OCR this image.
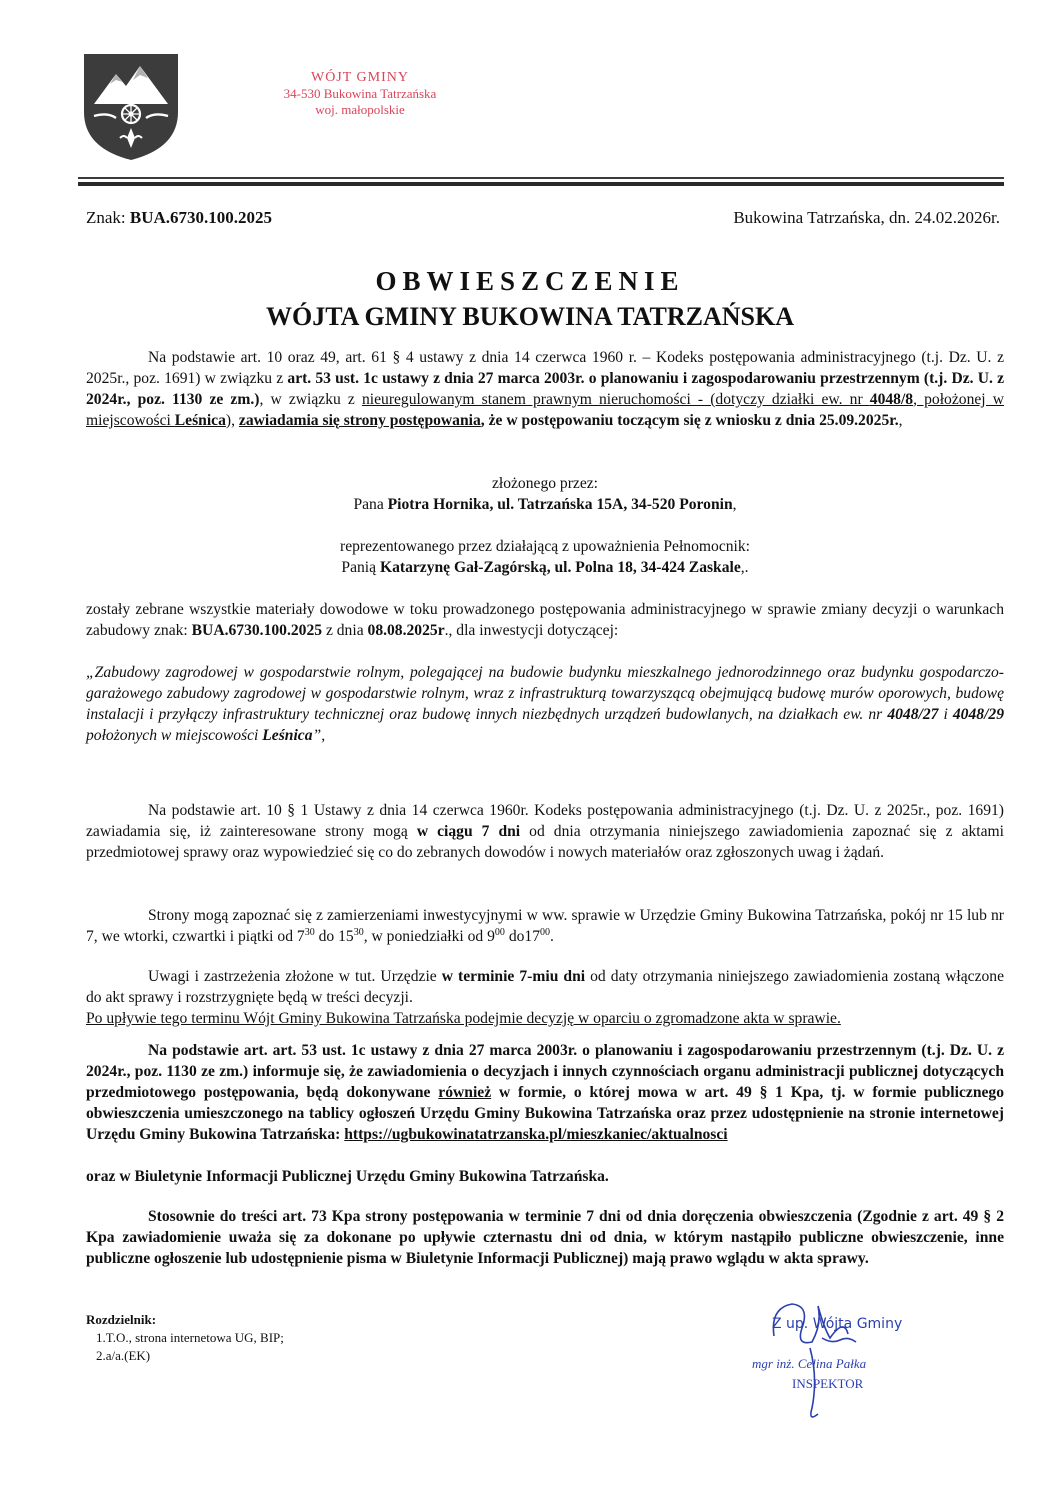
WÓJT GMINY
34-530 Bukowina Tatrzańska
woj. małopolskie
Znak: BUA.6730.100.2025	Bukowina Tatrzańska, dn. 24.02.2026r.
OBWIESZCZENIE
WÓJTA GMINY BUKOWINA TATRZAŃSKA

Na podstawie art. 10 oraz 49, art. 61 § 4 ustawy z dnia 14 czerwca 1960 r. – Kodeks postępowania administracyjnego (t.j. Dz. U. z 2025r., poz. 1691) w związku z art. 53 ust. 1c ustawy z dnia 27 marca 2003r. o planowaniu i zagospodarowaniu przestrzennym (t.j. Dz. U. z 2024r., poz. 1130 ze zm.), w związku z nieuregulowanym stanem prawnym nieruchomości - (dotyczy działki ew. nr 4048/8, położonej w miejscowości Leśnica), zawiadamia się strony postępowania, że w postępowaniu toczącym się z wniosku z dnia 25.09.2025r.,

złożonego przez:

Pana Piotra Hornika, ul. Tatrzańska 15A, 34-520 Poronin,

reprezentowanego przez działającą z upoważnienia Pełnomocnik:

Panią Katarzynę Gał-Zagórską, ul. Polna 18, 34-424 Zaskale,.

zostały zebrane wszystkie materiały dowodowe w toku prowadzonego postępowania administracyjnego w sprawie zmiany decyzji o warunkach zabudowy znak: BUA.6730.100.2025 z dnia 08.08.2025r., dla inwestycji dotyczącej:

„Zabudowy zagrodowej w gospodarstwie rolnym, polegającej na budowie budynku mieszkalnego jednorodzinnego oraz budynku gospodarczo-garażowego zabudowy zagrodowej w gospodarstwie rolnym, wraz z infrastrukturą towarzyszącą obejmującą budowę murów oporowych, budowę instalacji i przyłączy infrastruktury technicznej oraz budowę innych niezbędnych urządzeń budowlanych, na działkach ew. nr 4048/27 i 4048/29 położonych w miejscowości Leśnica”,

Na podstawie art. 10 § 1 Ustawy z dnia 14 czerwca 1960r. Kodeks postępowania administracyjnego (t.j. Dz. U. z 2025r., poz. 1691) zawiadamia się, iż zainteresowane strony mogą w ciągu 7 dni od dnia otrzymania niniejszego zawiadomienia zapoznać się z aktami przedmiotowej sprawy oraz wypowiedzieć się co do zebranych dowodów i nowych materiałów oraz zgłoszonych uwag i żądań.

Strony mogą zapoznać się z zamierzeniami inwestycyjnymi w ww. sprawie w Urzędzie Gminy Bukowina Tatrzańska, pokój nr 15 lub nr 7, we wtorki, czwartki i piątki od $7^{30}$ do $15^{30}$, w poniedziałki od $9^{00}$ $do17^{00}$.

Uwagi i zastrzeżenia złożone w tut. Urzędzie w terminie 7-miu dni od daty otrzymania niniejszego zawiadomienia zostaną włączone do akt sprawy i rozstrzygnięte będą w treści decyzji.

Po upływie tego terminu Wójt Gminy Bukowina Tatrzańska podejmie decyzję w oparciu o zgromadzone akta w sprawie.

Na podstawie art. art. 53 ust. 1c ustawy z dnia 27 marca 2003r. o planowaniu i zagospodarowaniu przestrzennym (t.j. Dz. U. z 2024r., poz. 1130 ze zm.) informuje się, że zawiadomienia o decyzjach i innych czynnościach organu administracji publicznej dotyczących przedmiotowego postępowania, będą dokonywane również w formie, o której mowa w art. 49 § 1 Kpa, tj. w formie publicznego obwieszczenia umieszczonego na tablicy ogłoszeń Urzędu Gminy Bukowina Tatrzańska oraz przez udostępnienie na stronie internetowej Urzędu Gminy Bukowina Tatrzańska: https://ugbukowinatatrzanska.pl/mieszkaniec/aktualnosci

oraz w Biuletynie Informacji Publicznej Urzędu Gminy Bukowina Tatrzańska.

Stosownie do treści art. 73 Kpa strony postępowania w terminie 7 dni od dnia doręczenia obwieszczenia (Zgodnie z art. 49 § 2 Kpa zawiadomienie uważa się za dokonane po upływie czternastu dni od dnia, w którym nastąpiło publiczne obwieszczenie, inne publiczne ogłoszenie lub udostępnienie pisma w Biuletynie Informacji Publicznej) mają prawo wglądu w akta sprawy.

Rozdzielnik:
1.T.O., strona internetowa UG, BIP;
2.a/a.(EK)
Z up. Wójta Gminy
mgr inż. Celina Pałka
INSPEKTOR
